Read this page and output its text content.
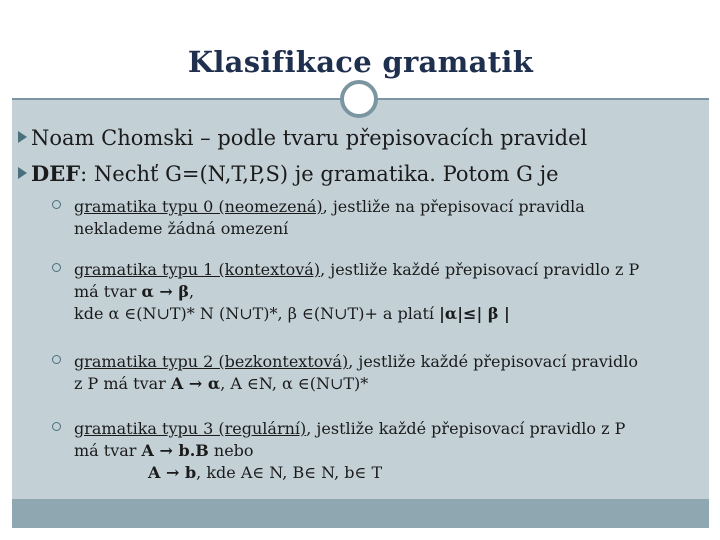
Klasifikace gramatik
Noam Chomski – podle tvaru přepisovacích pravidel
DEF: Nechť G=(N,T,P,S) je gramatika. Potom G je
gramatika typu 0 (neomezená), jestliže na přepisovací pravidla
neklademe žádná omezení
gramatika typu 1 (kontextová), jestliže každé přepisovací pravidlo z P
má tvar α → β,
kde α ∈(N∪T)* N (N∪T)*, β ∈(N∪T)+ a platí |α|≤| β |
gramatika typu 2 (bezkontextová), jestliže každé přepisovací pravidlo
z P má tvar A → α, A ∈N, α ∈(N∪T)*
gramatika typu 3 (regulární), jestliže každé přepisovací pravidlo z P
má tvar A → b.B nebo
A → b, kde A∈ N, B∈ N, b∈ T
